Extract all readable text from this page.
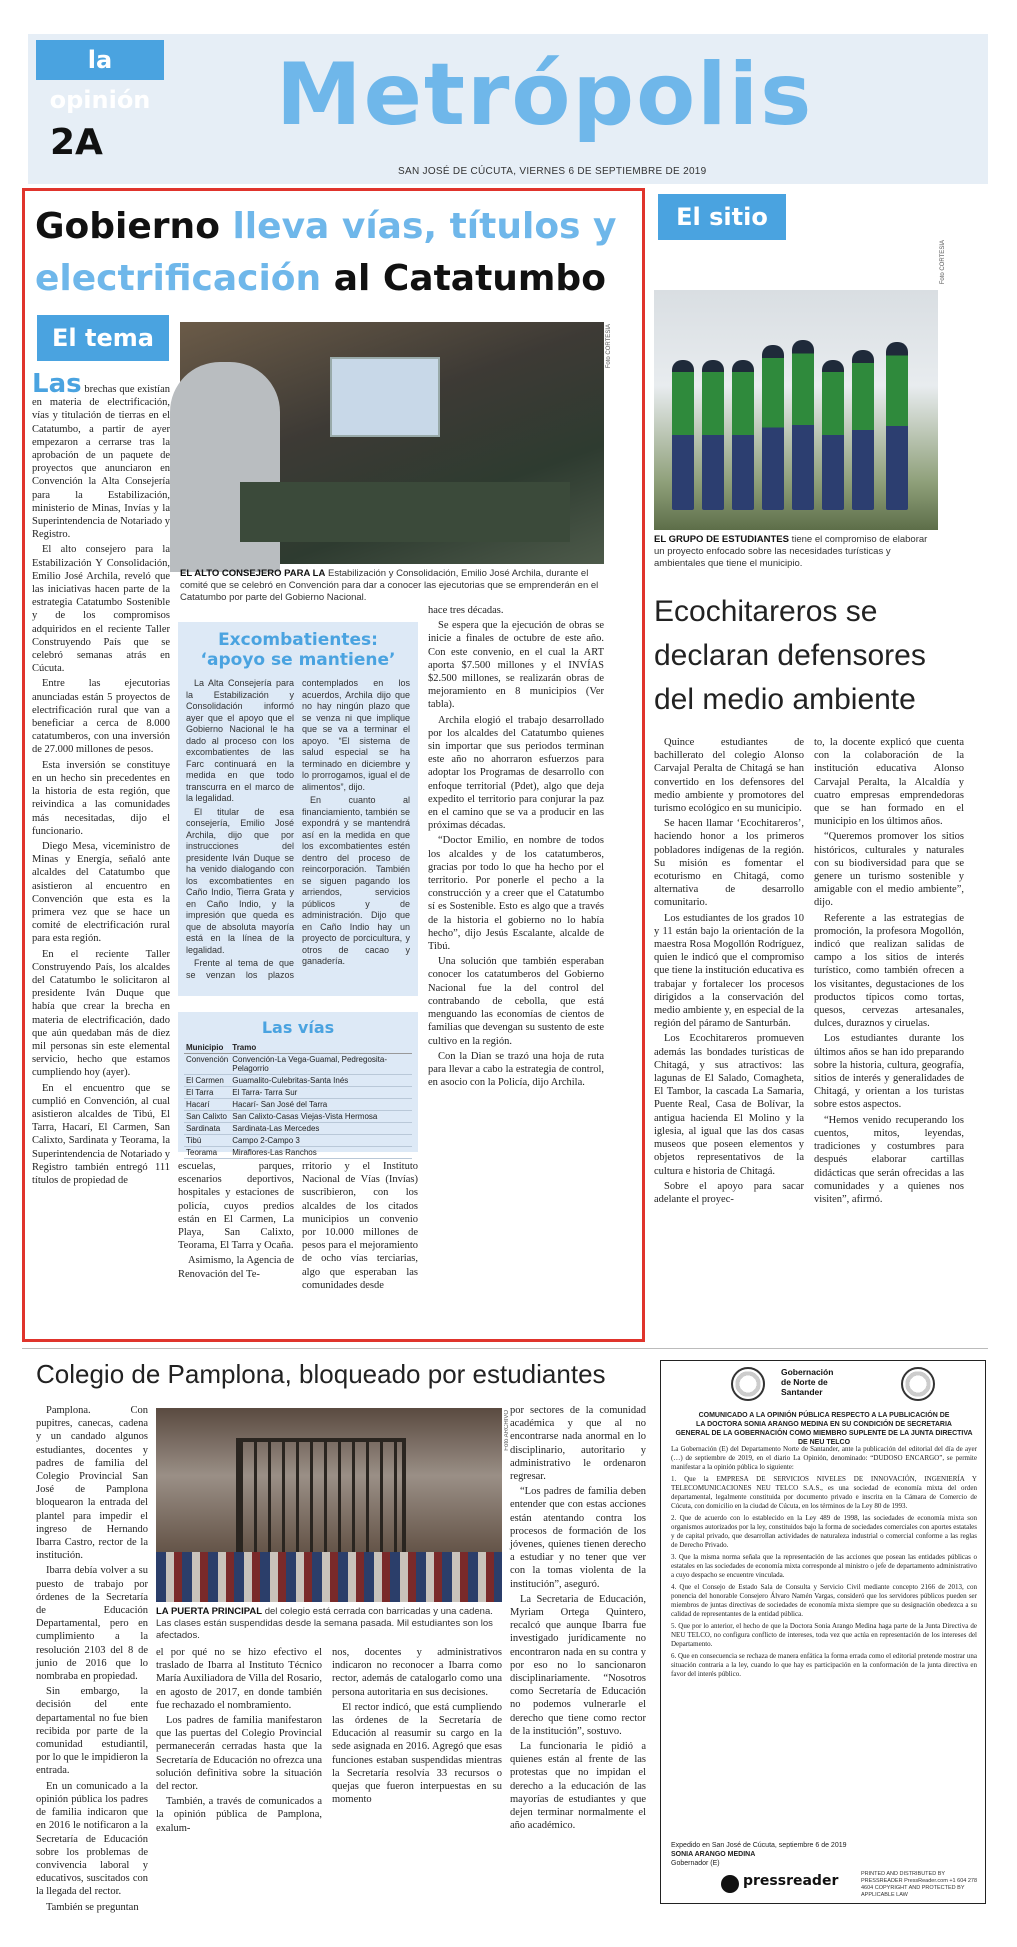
la opinión Metrópolis
2A
SAN JOSÉ DE CÚCUTA, VIERNES 6 DE SEPTIEMBRE DE 2019
Gobierno lleva vías, títulos y
electrificación al Catatumbo
El tema	Foto CORTESÍA
EL ALTO CONSEJERO PARA LA Estabilización y Consolidación, Emilio José Archila, durante el comité que se celebró en Convención para dar a conocer las ejecutorias que se emprenderán en el Catatumbo por parte del Gobierno Nacional.

Las brechas que existían en materia de electrificación, vías y titulación de tierras en el Catatumbo, a partir de ayer empezaron a cerrarse tras la aprobación de un paquete de proyectos que anunciaron en Convención la Alta Consejería para la Estabilización, ministerio de Minas, Invías y la Superintendencia de Notariado y Registro.

El alto consejero para la Estabilización Y Consolidación, Emilio José Archila, reveló que las iniciativas hacen parte de la estrategia Catatumbo Sostenible y de los compromisos adquiridos en el reciente Taller Construyendo País que se celebró semanas atrás en Cúcuta.

Entre las ejecutorias anunciadas están 5 proyectos de electrificación rural que van a beneficiar a cerca de 8.000 catatumberos, con una inversión de 27.000 millones de pesos.

Esta inversión se constituye en un hecho sin precedentes en la historia de esta región, que reivindica a las comunidades más necesitadas, dijo el funcionario.

Diego Mesa, viceministro de Minas y Energía, señaló ante alcaldes del Catatumbo que asistieron al encuentro en Convención que esta es la primera vez que se hace un comité de electrificación rural para esta región.

En el reciente Taller Construyendo País, los alcaldes del Catatumbo le solicitaron al presidente Iván Duque que había que crear la brecha en materia de electrificación, dado que aún quedaban más de diez mil personas sin este elemental servicio, hecho que estamos cumpliendo hoy (ayer).

En el encuentro que se cumplió en Convención, al cual asistieron alcaldes de Tibú, El Tarra, Hacarí, El Carmen, San Calixto, Sardinata y Teorama, la Superintendencia de Notariado y Registro también entregó 111 títulos de propiedad de

Excombatientes:
‘apoyo se mantiene’

La Alta Consejería para la Estabilización y Consolidación informó ayer que el apoyo que el Gobierno Nacional le ha dado al proceso con los excombatientes de las Farc continuará en la medida en que todo transcurra en el marco de la legalidad.

El titular de esa consejería, Emilio José Archila, dijo que por instrucciones del presidente Iván Duque se ha venido dialogando con los excombatientes en Caño Indio, Tierra Grata y en Caño Indio, y la impresión que queda es que de absoluta mayoría está en la línea de la legalidad.

Frente al tema de que se venzan los plazos contemplados en los acuerdos, Archila dijo que no hay ningún plazo que se venza ni que implique que se va a terminar el apoyo. “El sistema de salud especial se ha terminado en diciembre y lo prorrogamos, igual el de alimentos”, dijo.

En cuanto al financiamiento, también se expondrá y se mantendrá así en la medida en que los excombatientes estén dentro del proceso de reincorporación. También se siguen pagando los arriendos, servicios públicos y de administración. Dijo que en Caño Indio hay un proyecto de porcicultura, y otros de cacao y ganadería.

Las vías
Municipio	Tramo
Convención	Convención-La Vega-Guamal, Pedregosita-Pelagorrio
El Carmen	Guamalito-Culebritas-Santa Inés
El Tarra	El Tarra- Tarra Sur
Hacarí	Hacarí- San José del Tarra
San Calixto	San Calixto-Casas Viejas-Vista Hermosa
Sardinata	Sardinata-Las Mercedes
Tibú	Campo 2-Campo 3
Teorama	Miraflores-Las Ranchos

escuelas, parques, escenarios deportivos, hospitales y estaciones de policía, cuyos predios están en El Carmen, La Playa, San Calixto, Teorama, El Tarra y Ocaña.

Asimismo, la Agencia de Renovación del Te-

rritorio y el Instituto Nacional de Vías (Invías) suscribieron, con los alcaldes de los citados municipios un convenio por 10.000 millones de pesos para el mejoramiento de ocho vías terciarias, algo que esperaban las comunidades desde

hace tres décadas.

Se espera que la ejecución de obras se inicie a finales de octubre de este año. Con este convenio, en el cual la ART aporta $7.500 millones y el INVÍAS $2.500 millones, se realizarán obras de mejoramiento en 8 municipios (Ver tabla).

Archila elogió el trabajo desarrollado por los alcaldes del Catatumbo quienes sin importar que sus periodos terminan este año no ahorraron esfuerzos para adoptar los Programas de desarrollo con enfoque territorial (Pdet), algo que deja expedito el territorio para conjurar la paz en el camino que se va a producir en las próximas décadas.

“Doctor Emilio, en nombre de todos los alcaldes y de los catatumberos, gracias por todo lo que ha hecho por el territorio. Por ponerle el pecho a la construcción y a creer que el Catatumbo sí es Sostenible. Esto es algo que a través de la historia el gobierno no lo había hecho”, dijo Jesús Escalante, alcalde de Tibú.

Una solución que también esperaban conocer los catatumberos del Gobierno Nacional fue la del control del contrabando de cebolla, que está menguando las economías de cientos de familias que devengan su sustento de este cultivo en la región.

Con la Dian se trazó una hoja de ruta para llevar a cabo la estrategia de control, en asocio con la Policía, dijo Archila.

El sitio
Foto CORTESÍA
EL GRUPO DE ESTUDIANTES tiene el compromiso de elaborar un proyecto enfocado sobre las necesidades turísticas y ambientales que tiene el municipio.
Ecochitareros se declaran defensores del medio ambiente

Quince estudiantes de bachillerato del colegio Alonso Carvajal Peralta de Chitagá se han convertido en los defensores del medio ambiente y promotores del turismo ecológico en su municipio.

Se hacen llamar ‘Ecochitareros’, haciendo honor a los primeros pobladores indígenas de la región. Su misión es fomentar el ecoturismo en Chitagá, como alternativa de desarrollo comunitario.

Los estudiantes de los grados 10 y 11 están bajo la orientación de la maestra Rosa Mogollón Rodríguez, quien le indicó que el compromiso que tiene la institución educativa es trabajar y fortalecer los procesos dirigidos a la conservación del medio ambiente y, en especial de la región del páramo de Santurbán.

Los Ecochitareros promueven además las bondades turísticas de Chitagá, y sus atractivos: las lagunas de El Salado, Comagheta, El Tambor, la cascada La Samaria, Puente Real, Casa de Bolívar, la antigua hacienda El Molino y la iglesia, al igual que las dos casas museos que poseen elementos y objetos representativos de la cultura e historia de Chitagá.

Sobre el apoyo para sacar adelante el proyec-

to, la docente explicó que cuenta con la colaboración de la institución educativa Alonso Carvajal Peralta, la Alcaldía y cuatro empresas emprendedoras que se han formado en el municipio en los últimos años.

“Queremos promover los sitios históricos, culturales y naturales con su biodiversidad para que se genere un turismo sostenible y amigable con el medio ambiente”, dijo.

Referente a las estrategias de promoción, la profesora Mogollón, indicó que realizan salidas de campo a los sitios de interés turístico, como también ofrecen a los visitantes, degustaciones de los productos típicos como tortas, quesos, cervezas artesanales, dulces, duraznos y ciruelas.

Los estudiantes durante los últimos años se han ido preparando sobre la historia, cultura, geografía, sitios de interés y generalidades de Chitagá, y orientan a los turistas sobre estos aspectos.

“Hemos venido recuperando los cuentos, mitos, leyendas, tradiciones y costumbres para después elaborar cartillas didácticas que serán ofrecidas a las comunidades y a quienes nos visiten”, afirmó.

Colegio de Pamplona, bloqueado por estudiantes

Pamplona. Con pupitres, canecas, cadena y un candado algunos estudiantes, docentes y padres de familia del Colegio Provincial San José de Pamplona bloquearon la entrada del plantel para impedir el ingreso de Hernando Ibarra Castro, rector de la institución.

Ibarra debía volver a su puesto de trabajo por órdenes de la Secretaría de Educación Departamental, pero en cumplimiento a la resolución 2103 del 8 de junio de 2016 que lo nombraba en propiedad.

Sin embargo, la decisión del ente departamental no fue bien recibida por parte de la comunidad estudiantil, por lo que le impidieron la entrada.

En un comunicado a la opinión pública los padres de familia indicaron que en 2016 le notificaron a la Secretaría de Educación sobre los problemas de convivencia laboral y educativos, suscitados con la llegada del rector.

También se preguntan

Foto ARCHIVO
LA PUERTA PRINCIPAL del colegio está cerrada con barricadas y una cadena. Las clases están suspendidas desde la semana pasada. Mil estudiantes son los afectados.

el por qué no se hizo efectivo el traslado de Ibarra al Instituto Técnico María Auxiliadora de Villa del Rosario, en agosto de 2017, en donde también fue rechazado el nombramiento.

Los padres de familia manifestaron que las puertas del Colegio Provincial permanecerán cerradas hasta que la Secretaría de Educación no ofrezca una solución definitiva sobre la situación del rector.

También, a través de comunicados a la opinión pública de Pamplona, exalum-

nos, docentes y administrativos indicaron no reconocer a Ibarra como rector, además de catalogarlo como una persona autoritaria en sus decisiones.

El rector indicó, que está cumpliendo las órdenes de la Secretaría de Educación al reasumir su cargo en la sede asignada en 2016. Agregó que esas funciones estaban suspendidas mientras la Secretaría resolvía 33 recursos o quejas que fueron interpuestas en su momento

por sectores de la comunidad académica y que al no encontrarse nada anormal en lo disciplinario, autoritario y administrativo le ordenaron regresar.

“Los padres de familia deben entender que con estas acciones están atentando contra los procesos de formación de los jóvenes, quienes tienen derecho a estudiar y no tener que ver con la tomas violenta de la institución”, aseguró.

La Secretaria de Educación, Myriam Ortega Quintero, recalcó que aunque Ibarra fue investigado jurídicamente no encontraron nada en su contra y por eso no lo sancionaron disciplinariamente. “Nosotros como Secretaría de Educación no podemos vulnerarle el derecho que tiene como rector de la institución”, sostuvo.

La funcionaria le pidió a quienes están al frente de las protestas que no impidan el derecho a la educación de las mayorías de estudiantes y que dejen terminar normalmente el año académico.

Gobernación
de Norte de
Santander
COMUNICADO A LA OPINIÓN PÚBLICA RESPECTO A LA PUBLICACIÓN DE
LA DOCTORA SONIA ARANGO MEDINA EN SU CONDICIÓN DE SECRETARIA
GENERAL DE LA GOBERNACIÓN COMO MIEMBRO SUPLENTE DE LA JUNTA DIRECTIVA DE NEU TELCO

La Gobernación (E) del Departamento Norte de Santander, ante la publicación del editorial del día de ayer (…) de septiembre de 2019, en el diario La Opinión, denominado: “DUDOSO ENCARGO”, se permite manifestar a la opinión pública lo siguiente:

1. Que la EMPRESA DE SERVICIOS NIVELES DE INNOVACIÓN, INGENIERÍA Y TELECOMUNICACIONES NEU TELCO S.A.S., es una sociedad de economía mixta del orden departamental, legalmente constituida por documento privado e inscrita en la Cámara de Comercio de Cúcuta, con domicilio en la ciudad de Cúcuta, en los términos de la Ley 80 de 1993.

2. Que de acuerdo con lo establecido en la Ley 489 de 1998, las sociedades de economía mixta son organismos autorizados por la ley, constituidos bajo la forma de sociedades comerciales con aportes estatales y de capital privado, que desarrollan actividades de naturaleza industrial o comercial conforme a las reglas de Derecho Privado.

3. Que la misma norma señala que la representación de las acciones que posean las entidades públicas o estatales en las sociedades de economía mixta corresponde al ministro o jefe de departamento administrativo a cuyo despacho se encuentre vinculada.

4. Que el Consejo de Estado Sala de Consulta y Servicio Civil mediante concepto 2166 de 2013, con ponencia del honorable Consejero Álvaro Namén Vargas, consideró que los servidores públicos pueden ser miembros de juntas directivas de sociedades de economía mixta siempre que su designación obedezca a su calidad de representantes de la entidad pública.

5. Que por lo anterior, el hecho de que la Doctora Sonia Arango Medina haga parte de la Junta Directiva de NEU TELCO, no configura conflicto de intereses, toda vez que actúa en representación de los intereses del Departamento.

6. Que en consecuencia se rechaza de manera enfática la forma errada como el editorial pretende mostrar una situación contraria a la ley, cuando lo que hay es participación en la conformación de la junta directiva en favor del interés público.

Expedido en San José de Cúcuta, septiembre 6 de 2019
SONIA ARANGO MEDINA
Gobernador (E)
pressreader	PRINTED AND DISTRIBUTED BY PRESSREADER PressReader.com +1 604 278 4604 COPYRIGHT AND PROTECTED BY APPLICABLE LAW
